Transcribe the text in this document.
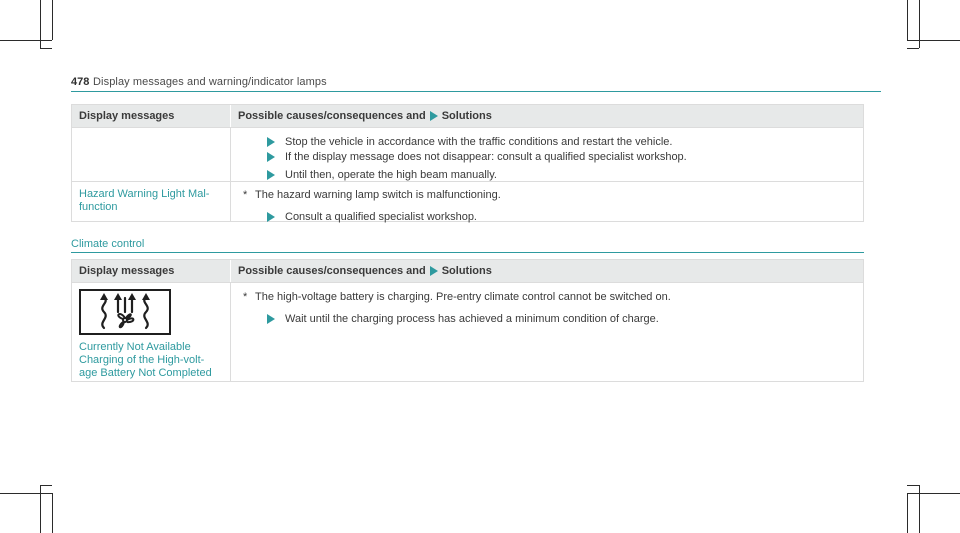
478 Display messages and warning/indicator lamps
Display messages	Possible causes/consequences and Solutions
Stop the vehicle in accordance with the traffic conditions and restart the vehicle.
If the display message does not disappear: consult a qualified specialist workshop.
Until then, operate the high beam manually.
Hazard Warning Light Mal-
function
* The hazard warning lamp switch is malfunctioning.
Consult a qualified specialist workshop.
Climate control
Display messages	Possible causes/consequences and Solutions
Currently Not Available
Charging of the High-volt-
age Battery Not Completed
* The high-voltage battery is charging. Pre-entry climate control cannot be switched on.
Wait until the charging process has achieved a minimum condition of charge.
